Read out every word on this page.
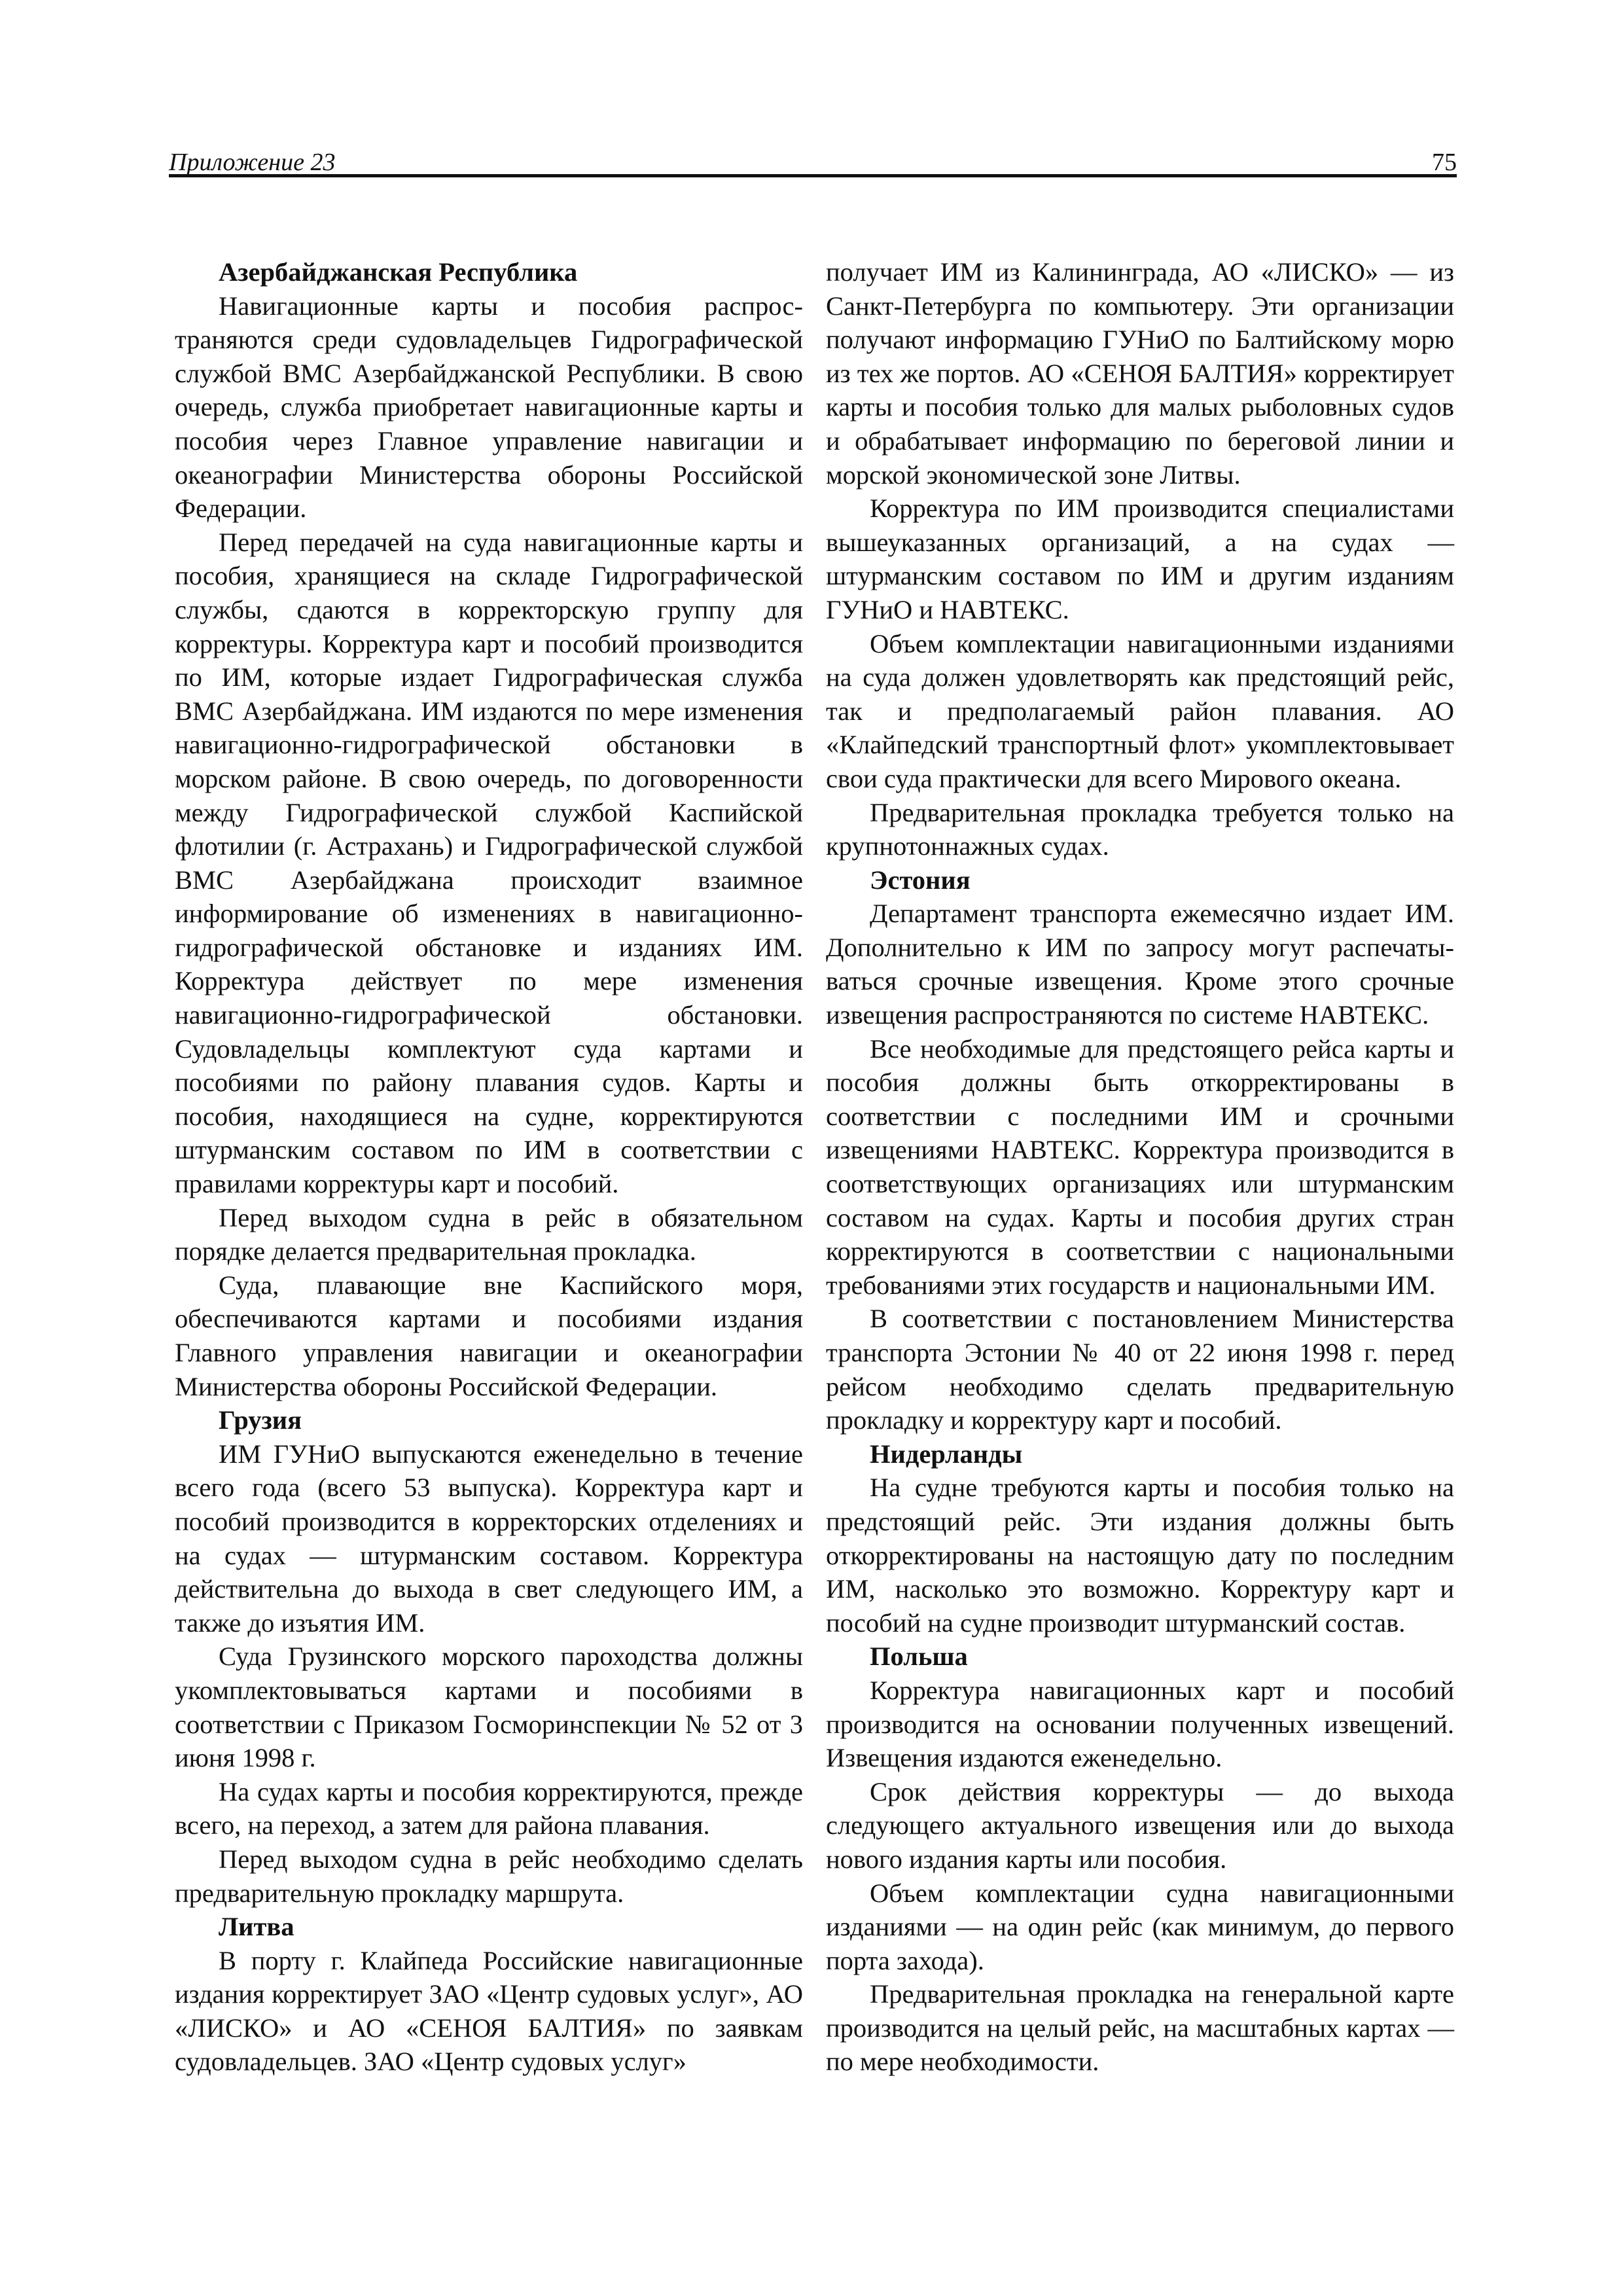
Приложение 23	75
Азербайджанская Республика

Навигационные карты и пособия распространяются среди судовладельцев Гидрографической службой ВМС Азербайджанской Республики. В свою очередь, служба приобретает навигационные карты и пособия через Главное управление навигации и океанографии Министерства обороны Российской Федерации.

Перед передачей на суда навигационные карты и пособия, хранящиеся на складе Гидрографической службы, сдаются в корректорскую группу для корректуры. Корректура карт и пособий производится по ИМ, которые издает Гидрографическая служба ВМС Азербайджана. ИМ издаются по мере изменения навигационно-гидрографической обстановки в морском районе. В свою очередь, по договоренности между Гидрографической службой Каспийской флотилии (г. Астрахань) и Гидрографической службой ВМС Азербайджана происходит взаимное информирование об изменениях в навигационно-гидрографической обстановке и изданиях ИМ. Корректура действует по мере изменения навигационно-гидрографической обстановки. Судовладельцы комплектуют суда картами и пособиями по району плавания судов. Карты и пособия, находящиеся на судне, корректируются штурманским составом по ИМ в соответствии с правилами корректуры карт и пособий.

Перед выходом судна в рейс в обязательном порядке делается предварительная прокладка.

Суда, плавающие вне Каспийского моря, обеспечиваются картами и пособиями издания Главного управления навигации и океанографии Министерства обороны Российской Федерации.

Грузия

ИМ ГУНиО выпускаются еженедельно в течение всего года (всего 53 выпуска). Корректура карт и пособий производится в корректорских отделениях и на судах — штурманским составом. Корректура действительна до выхода в свет следующего ИМ, а также до изъятия ИМ.

Суда Грузинского морского пароходства должны укомплектовываться картами и пособиями в соответствии с Приказом Госморинспекции № 52 от 3 июня 1998 г.

На судах карты и пособия корректируются, прежде всего, на переход, а затем для района плавания.

Перед выходом судна в рейс необходимо сделать предварительную прокладку маршрута.

Литва

В порту г. Клайпеда Российские навигационные издания корректирует ЗАО «Центр судовых услуг», АО «ЛИСКО» и АО «СЕНОЯ БАЛТИЯ» по заявкам судовладельцев. ЗАО «Центр судовых услуг»

получает ИМ из Калининграда, АО «ЛИСКО» — из Санкт-Петербурга по компьютеру. Эти организации получают информацию ГУНиО по Балтийскому морю из тех же портов. АО «СЕНОЯ БАЛТИЯ» корректирует карты и пособия только для малых рыболовных судов и обрабатывает информацию по береговой линии и морской экономической зоне Литвы.

Корректура по ИМ производится специалистами вышеуказанных организаций, а на судах — штурманским составом по ИМ и другим изданиям ГУНиО и НАВТЕКС.

Объем комплектации навигационными изданиями на суда должен удовлетворять как предстоящий рейс, так и предполагаемый район плавания. АО «Клайпедский транспортный флот» укомплектовывает свои суда практически для всего Мирового океана.

Предварительная прокладка требуется только на крупнотоннажных судах.

Эстония

Департамент транспорта ежемесячно издает ИМ. Дополнительно к ИМ по запросу могут распечатываться срочные извещения. Кроме этого срочные извещения распространяются по системе НАВТЕКС.

Все необходимые для предстоящего рейса карты и пособия должны быть откорректированы в соответствии с последними ИМ и срочными извещениями НАВТЕКС. Корректура производится в соответствующих организациях или штурманским составом на судах. Карты и пособия других стран корректируются в соответствии с национальными требованиями этих государств и национальными ИМ.

В соответствии с постановлением Министерства транспорта Эстонии № 40 от 22 июня 1998 г. перед рейсом необходимо сделать предварительную прокладку и корректуру карт и пособий.

Нидерланды

На судне требуются карты и пособия только на предстоящий рейс. Эти издания должны быть откорректированы на настоящую дату по последним ИМ, насколько это возможно. Корректуру карт и пособий на судне производит штурманский состав.

Польша

Корректура навигационных карт и пособий производится на основании полученных извещений. Извещения издаются еженедельно.

Срок действия корректуры — до выхода следующего актуального извещения или до выхода нового издания карты или пособия.

Объем комплектации судна навигационными изданиями — на один рейс (как минимум, до первого порта захода).

Предварительная прокладка на генеральной карте производится на целый рейс, на масштабных картах — по мере необходимости.
